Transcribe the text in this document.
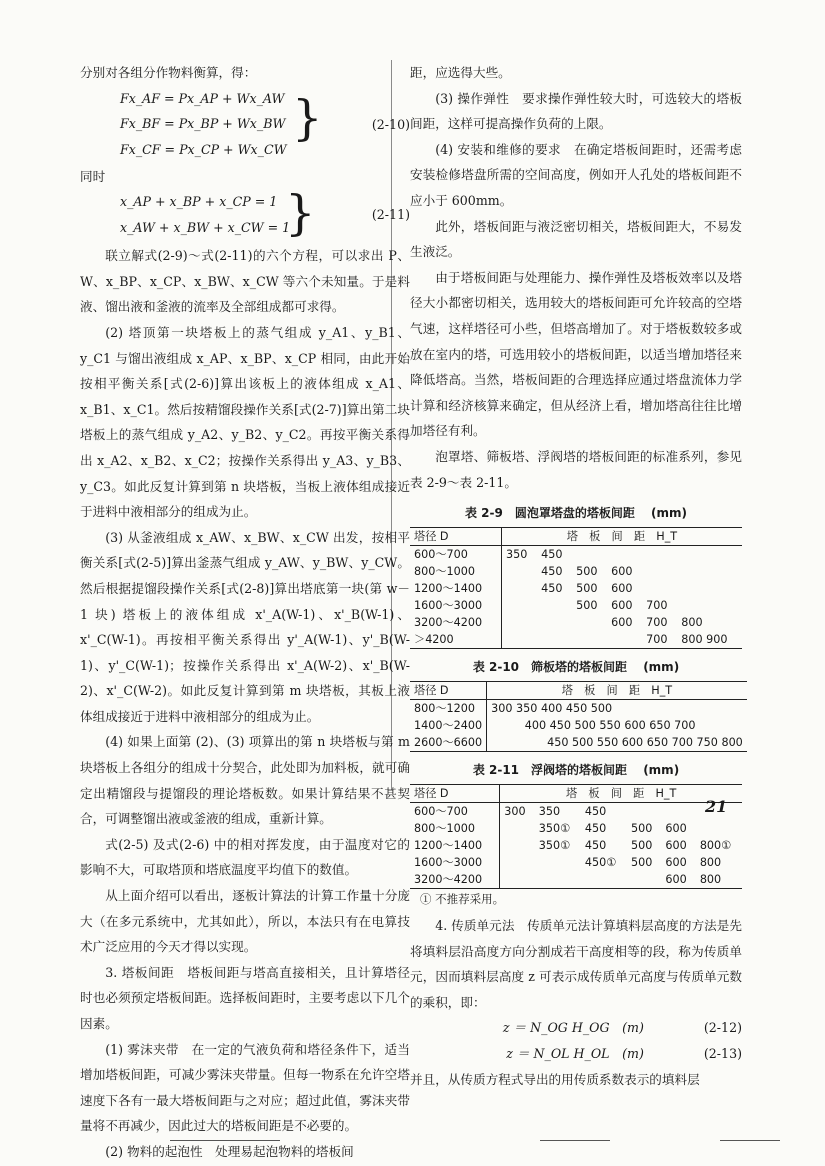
分别对各组分作物料衡算，得：

Fx_AF = Px_AP + Wx_AW
Fx_BF = Px_BP + Wx_BW
Fx_CF = Px_CP + Wx_CW
}	(2-10)

同时

x_AP + x_BP + x_CP = 1
x_AW + x_BW + x_CW = 1
}	(2-11)

联立解式(2-9)～式(2-11)的六个方程，可以求出 P、W、x_BP、x_CP、x_BW、x_CW 等六个未知量。于是料液、馏出液和釜液的流率及全部组成都可求得。

(2) 塔顶第一块塔板上的蒸气组成 y_A1、y_B1、y_C1 与馏出液组成 x_AP、x_BP、x_CP 相同，由此开始按相平衡关系[式(2-6)]算出该板上的液体组成 x_A1、x_B1、x_C1。然后按精馏段操作关系[式(2-7)]算出第二块塔板上的蒸气组成 y_A2、y_B2、y_C2。再按平衡关系得出 x_A2、x_B2、x_C2；按操作关系得出 y_A3、y_B3、y_C3。如此反复计算到第 n 块塔板，当板上液体组成接近于进料中液相部分的组成为止。

(3) 从釜液组成 x_AW、x_BW、x_CW 出发，按相平衡关系[式(2-5)]算出釜蒸气组成 y_AW、y_BW、y_CW。然后根据提馏段操作关系[式(2-8)]算出塔底第一块(第 w－1 块) 塔板上的液体组成 x'_A(W-1)、x'_B(W-1)、x'_C(W-1)。再按相平衡关系得出 y'_A(W-1)、y'_B(W-1)、y'_C(W-1)；按操作关系得出 x'_A(W-2)、x'_B(W-2)、x'_C(W-2)。如此反复计算到第 m 块塔板，其板上液体组成接近于进料中液相部分的组成为止。

(4) 如果上面第 (2)、(3) 项算出的第 n 块塔板与第 m 块塔板上各组分的组成十分契合，此处即为加料板，就可确定出精馏段与提馏段的理论塔板数。如果计算结果不甚契合，可调整馏出液或釜液的组成，重新计算。

式(2-5) 及式(2-6) 中的相对挥发度，由于温度对它的影响不大，可取塔顶和塔底温度平均值下的数值。

从上面介绍可以看出，逐板计算法的计算工作量十分庞大（在多元系统中，尤其如此），所以，本法只有在电算技术广泛应用的今天才得以实现。

3. 塔板间距　塔板间距与塔高直接相关，且计算塔径时也必须预定塔板间距。选择板间距时，主要考虑以下几个因素。

(1) 雾沫夹带　在一定的气液负荷和塔径条件下，适当增加塔板间距，可减少雾沫夹带量。但每一物系在允许空塔速度下各有一最大塔板间距与之对应；超过此值，雾沫夹带量将不再减少，因此过大的塔板间距是不必要的。

(2) 物料的起泡性　处理易起泡物料的塔板间

距，应选得大些。

(3) 操作弹性　要求操作弹性较大时，可选较大的塔板间距，这样可提高操作负荷的上限。

(4) 安装和维修的要求　在确定塔板间距时，还需考虑安装检修塔盘所需的空间高度，例如开人孔处的塔板间距不应小于 600mm。

此外，塔板间距与液泛密切相关，塔板间距大，不易发生液泛。

由于塔板间距与处理能力、操作弹性及塔板效率以及塔径大小都密切相关，选用较大的塔板间距可允许较高的空塔气速，这样塔径可小些，但塔高增加了。对于塔板数较多或放在室内的塔，可选用较小的塔板间距，以适当增加塔径来降低塔高。当然，塔板间距的合理选择应通过塔盘流体力学计算和经济核算来确定，但从经济上看，增加塔高往往比增加塔径有利。

泡罩塔、筛板塔、浮阀塔的塔板间距的标准系列，参见表 2-9～表 2-11。

表 2-9　圆泡罩塔盘的塔板间距　 (mm)
塔径 D	塔　板　间　距　H_T					
600～700	350	450				
800～1000		450	500	600		
1200～1400		450	500	600		
1600～3000			500	600	700	
3200～4200				600	700	800
＞4200					700	800 900
表 2-10　筛板塔的塔板间距　 (mm)
塔径 D	塔　板　间　距　H_T
800～1200	300 350 400 450 500
1400～2400	　　　400 450 500 550 600 650 700
2600～6600	　　　　　450 500 550 600 650 700 750 800
表 2-11　浮阀塔的塔板间距　 (mm)
塔径 D	塔　板　间　距　H_T					
600～700	300	350	450			
800～1000		350①	450	500	600	
1200～1400		350①	450	500	600	800①
1600～3000			450①	500	600	800
3200～4200					600	800
① 不推荐采用。

4. 传质单元法　传质单元法计算填料层高度的方法是先将填料层沿高度方向分割成若干高度相等的段，称为传质单元，因而填料层高度 z 可表示成传质单元高度与传质单元数的乘积，即：

z ＝ N_OG H_OG　(m)	(2-12)
z ＝ N_OL H_OL　(m)	(2-13)

并且，从传质方程式导出的用传质系数表示的填料层

21
